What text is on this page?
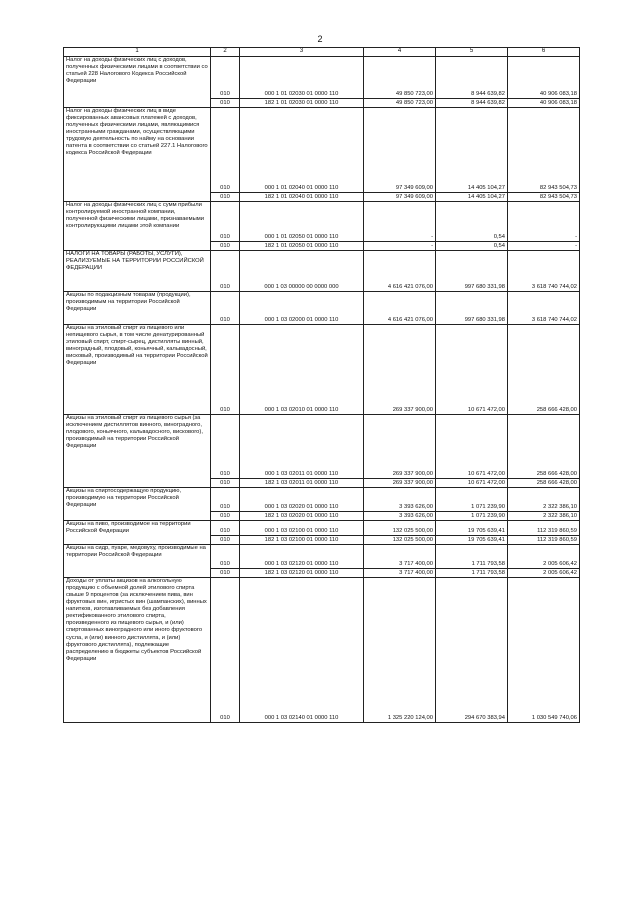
2
1	2	3	4	5	6
Налог на доходы физических лиц с доходов, полученных физическими лицами в соответствии со статьей 228 Налогового Кодекса Российской Федерации	010	000 1 01 02030 01 0000 110	49 850 723,00	8 944 639,82	40 906 083,18
	010	182 1 01 02030 01 0000 110	49 850 723,00	8 944 639,82	40 906 083,18
Налог на доходы физических лиц в виде фиксированных авансовых платежей с доходов, полученных физическими лицами, являющимися иностранными гражданами, осуществляющими трудовую деятельность по найму на основании патента в соответствии со статьей 227.1 Налогового кодекса Российской Федерации	010	000 1 01 02040 01 0000 110	97 349 609,00	14 405 104,27	82 943 504,73
	010	182 1 01 02040 01 0000 110	97 349 609,00	14 405 104,27	82 943 504,73
Налог на доходы физических лиц с сумм прибыли контролируемой иностранной компании, полученной физическими лицами, признаваемыми контролирующими лицами этой компании	010	000 1 01 02050 01 0000 110	-	0,54	-
	010	182 1 01 02050 01 0000 110	-	0,54	-
НАЛОГИ НА ТОВАРЫ (РАБОТЫ, УСЛУГИ), РЕАЛИЗУЕМЫЕ НА ТЕРРИТОРИИ РОССИЙСКОЙ ФЕДЕРАЦИИ	010	000 1 03 00000 00 0000 000	4 616 421 076,00	997 680 331,98	3 618 740 744,02
Акцизы по подакцизным товарам (продукции), производимым на территории Российской Федерации	010	000 1 03 02000 01 0000 110	4 616 421 076,00	997 680 331,98	3 618 740 744,02
Акцизы на этиловый спирт из пищевого или непищевого сырья, в том числе денатурированный этиловый спирт, спирт-сырец, дистилляты винный, виноградный, плодовый, коньячный, кальвадосный, висковый, производимый на территории Российской Федерации	010	000 1 03 02010 01 0000 110	269 337 900,00	10 671 472,00	258 666 428,00
Акцизы на этиловый спирт из пищевого сырья (за исключением дистиллятов винного, виноградного, плодового, коньячного, кальвадосного, вискового), производимый на территории Российской Федерации	010	000 1 03 02011 01 0000 110	269 337 900,00	10 671 472,00	258 666 428,00
	010	182 1 03 02011 01 0000 110	269 337 900,00	10 671 472,00	258 666 428,00
Акцизы на спиртосодержащую продукцию, производимую на территории Российской Федерации	010	000 1 03 02020 01 0000 110	3 393 626,00	1 071 239,90	2 322 386,10
	010	182 1 03 02020 01 0000 110	3 393 626,00	1 071 239,90	2 322 386,10
Акцизы на пиво, производимое на территории Российской Федерации	010	000 1 03 02100 01 0000 110	132 025 500,00	19 705 639,41	112 319 860,59
	010	182 1 03 02100 01 0000 110	132 025 500,00	19 705 639,41	112 319 860,59
Акцизы на сидр, пуаре, медовуху, производимые на территории Российской Федерации	010	000 1 03 02120 01 0000 110	3 717 400,00	1 711 793,58	2 005 606,42
	010	182 1 03 02120 01 0000 110	3 717 400,00	1 711 793,58	2 005 606,42
Доходы от уплаты акцизов на алкогольную продукцию с объемной долей этилового спирта свыше 9 процентов (за исключением пива, вин фруктовых вин, игристых вин (шампанских), винных напитков, изготавливаемых без добавления ректификованного этилового спирта, произведенного из пищевого сырья, и (или) спиртованных виноградного или иного фруктового сусла, и (или) винного дистиллята, и (или) фруктового дистиллята), подлежащие распределению в бюджеты субъектов Российской Федерации	010	000 1 03 02140 01 0000 110	1 325 220 124,00	294 670 383,94	1 030 549 740,06
